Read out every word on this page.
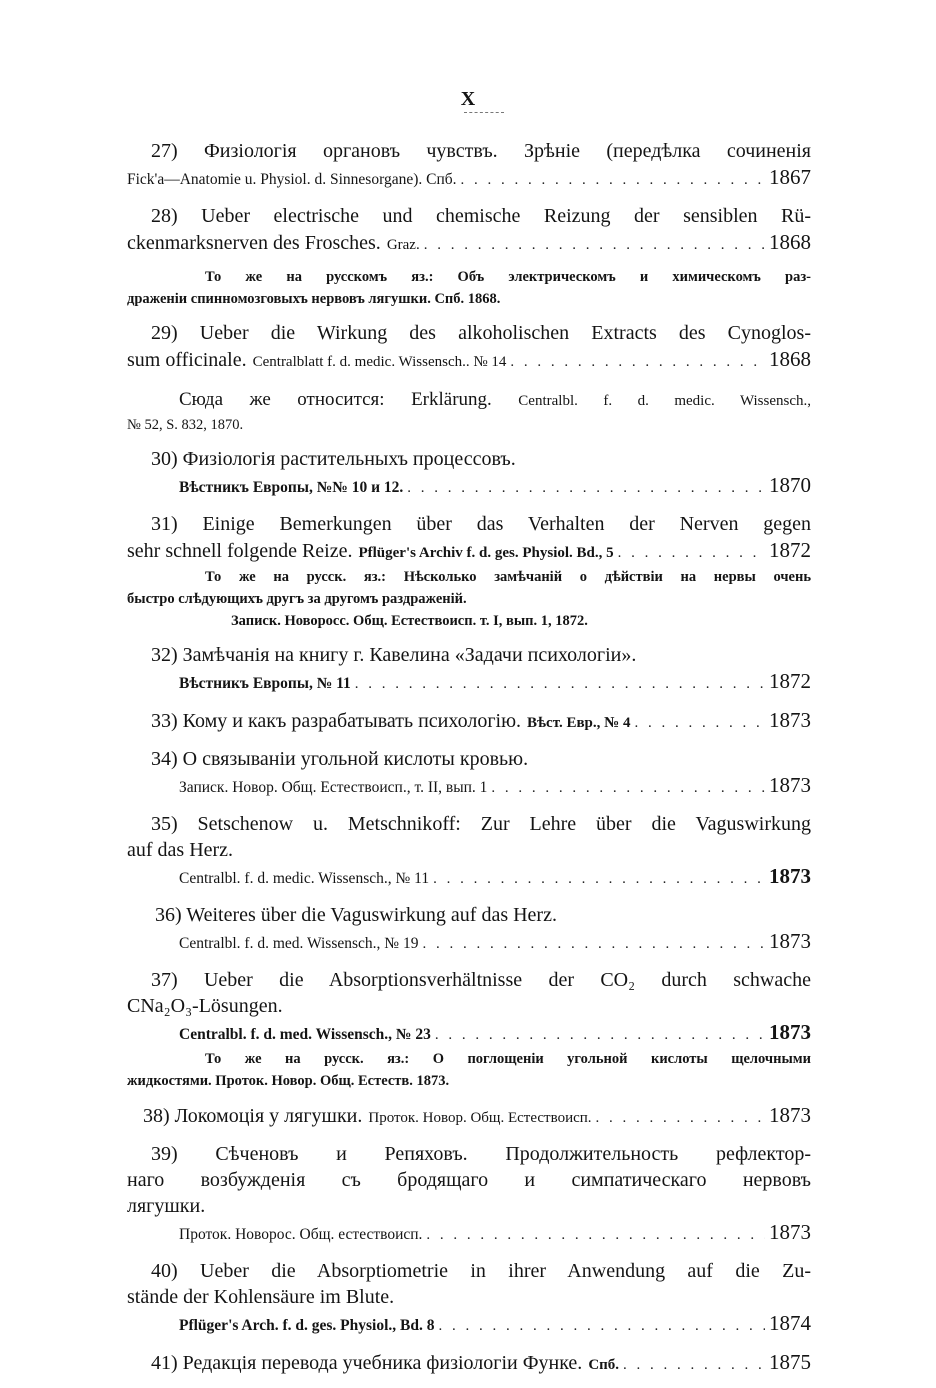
X
27) Физіологія органовъ чувствъ. Зрѣніе (передѣлка сочиненія
Fick'a—Anatomie u. Physiol. d. Sinnesorgane). Спб. . . .	1867
28) Ueber electrische und chemische Reizung der sensiblen Rü-
ckenmarksnerven des Frosches. Graz. . . .	1868
То же на русскомъ яз.: Объ электрическомъ и химическомъ раз-
драженіи спинномозговыхъ нервовъ лягушки. Спб. 1868.
29) Ueber die Wirkung des alkoholischen Extracts des Cynoglos-
sum officinale. Centralblatt f. d. medic. Wissensch.. № 14 . . .	1868
Сюда же относится: Erklärung. Centralbl. f. d. medic. Wissensch.,
№ 52, S. 832, 1870.
30) Физіологія растительныхъ процессовъ.
Вѣстникъ Европы, №№ 10 и 12. . . .	1870
31) Einige Bemerkungen über das Verhalten der Nerven gegen
sehr schnell folgende Reize. Pflüger's Archiv f. d. ges. Physiol. Bd., 5 . . .	1872
То же на русск. яз.: Нѣсколько замѣчаній о дѣйствіи на нервы очень
быстро слѣдующихъ другъ за другомъ раздраженій.
Записк. Новоросс. Общ. Естествоисп. т. I, вып. 1, 1872.
32) Замѣчанія на книгу г. Кавелина «Задачи психологіи».
Вѣстникъ Европы, № 11 . . .	1872
33) Кому и какъ разрабатывать психологію. Вѣст. Евр., № 4 . . .	1873
34) О связываніи угольной кислоты кровью.
Записк. Новор. Общ. Естествоисп., т. II, вып. 1 . . .	1873
35) Setschenow u. Metschnikoff: Zur Lehre über die Vaguswirkung
auf das Herz.
Centralbl. f. d. medic. Wissensch., № 11 . . .	1873
36) Weiteres über die Vaguswirkung auf das Herz.
Centralbl. f. d. med. Wissensch., № 19 . . .	1873
37) Ueber die Absorptionsverhältnisse der CO₂ durch schwache
CNa₂O₃-Lösungen.
Centralbl. f. d. med. Wissensch., № 23 . . .	1873
То же на русск. яз.: О поглощеніи угольной кислоты щелочными
жидкостями. Проток. Новор. Общ. Естеств. 1873.
38) Локомоція у лягушки. Проток. Новор. Общ. Естествоисп. . . .	1873
39) Сѣченовъ и Репяховъ. Продолжительность рефлектор-
наго возбужденія съ бродящаго и симпатическаго нервовъ
лягушки.
Проток. Новорос. Общ. естествоисп. . . .	1873
40) Ueber die Absorptiometrie in ihrer Anwendung auf die Zu-
stände der Kohlensäure im Blute.
Pflüger's Arch. f. d. ges. Physiol., Bd. 8 . . .	1874
41) Редакція перевода учебника физіологіи Функе. Спб. . . .	1875
